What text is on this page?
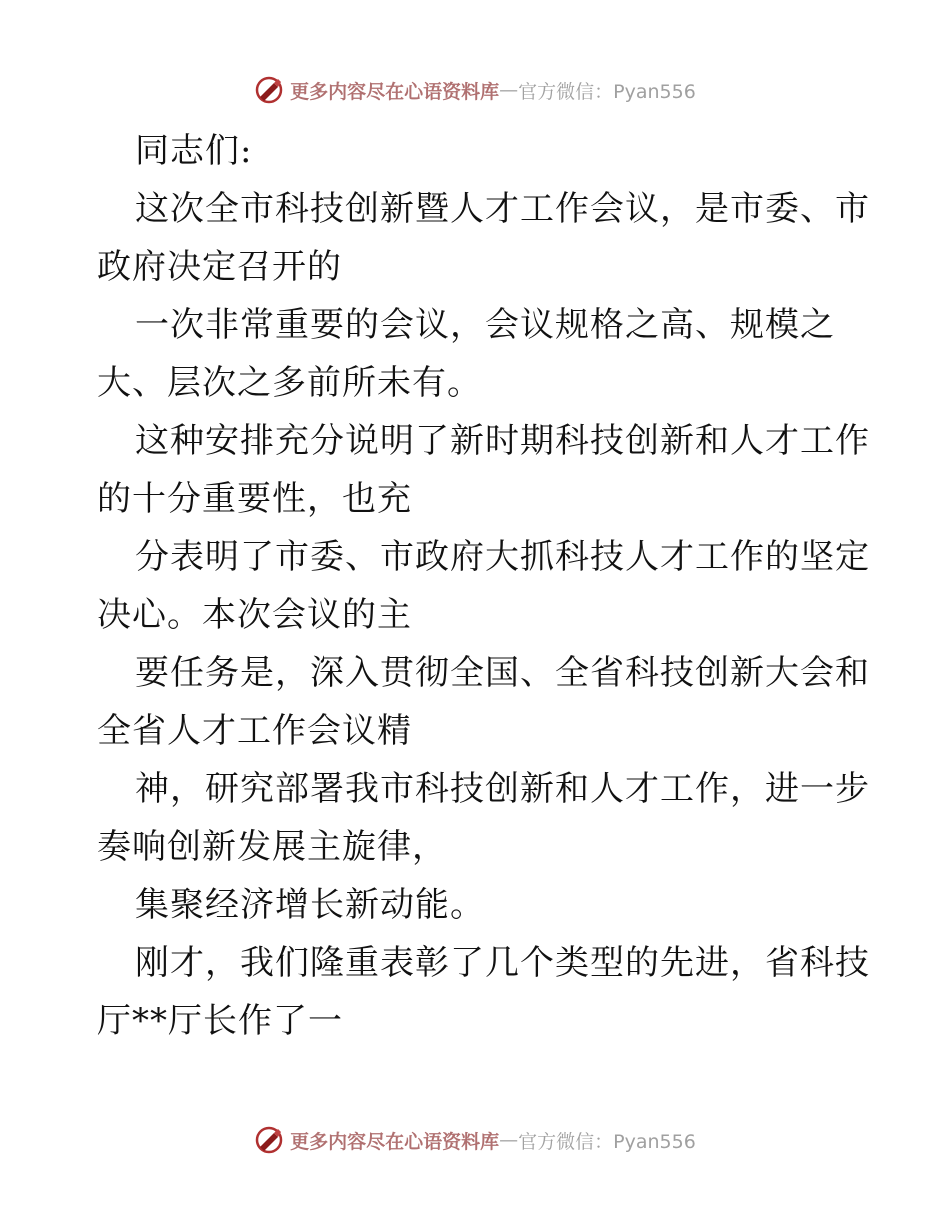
更多内容尽在心语资料库 — 官方微信：Pyan556
同志们:
这次全市科技创新暨人才工作会议，是市委、市
政府决定召开的
一次非常重要的会议，会议规格之高、规模之
大、层次之多前所未有。
这种安排充分说明了新时期科技创新和人才工作
的十分重要性，也充
分表明了市委、市政府大抓科技人才工作的坚定
决心。本次会议的主
要任务是，深入贯彻全国、全省科技创新大会和
全省人才工作会议精
神，研究部署我市科技创新和人才工作，进一步
奏响创新发展主旋律，
集聚经济增长新动能。
刚才，我们隆重表彰了几个类型的先进，省科技
厅**厅长作了一
更多内容尽在心语资料库 — 官方微信：Pyan556
